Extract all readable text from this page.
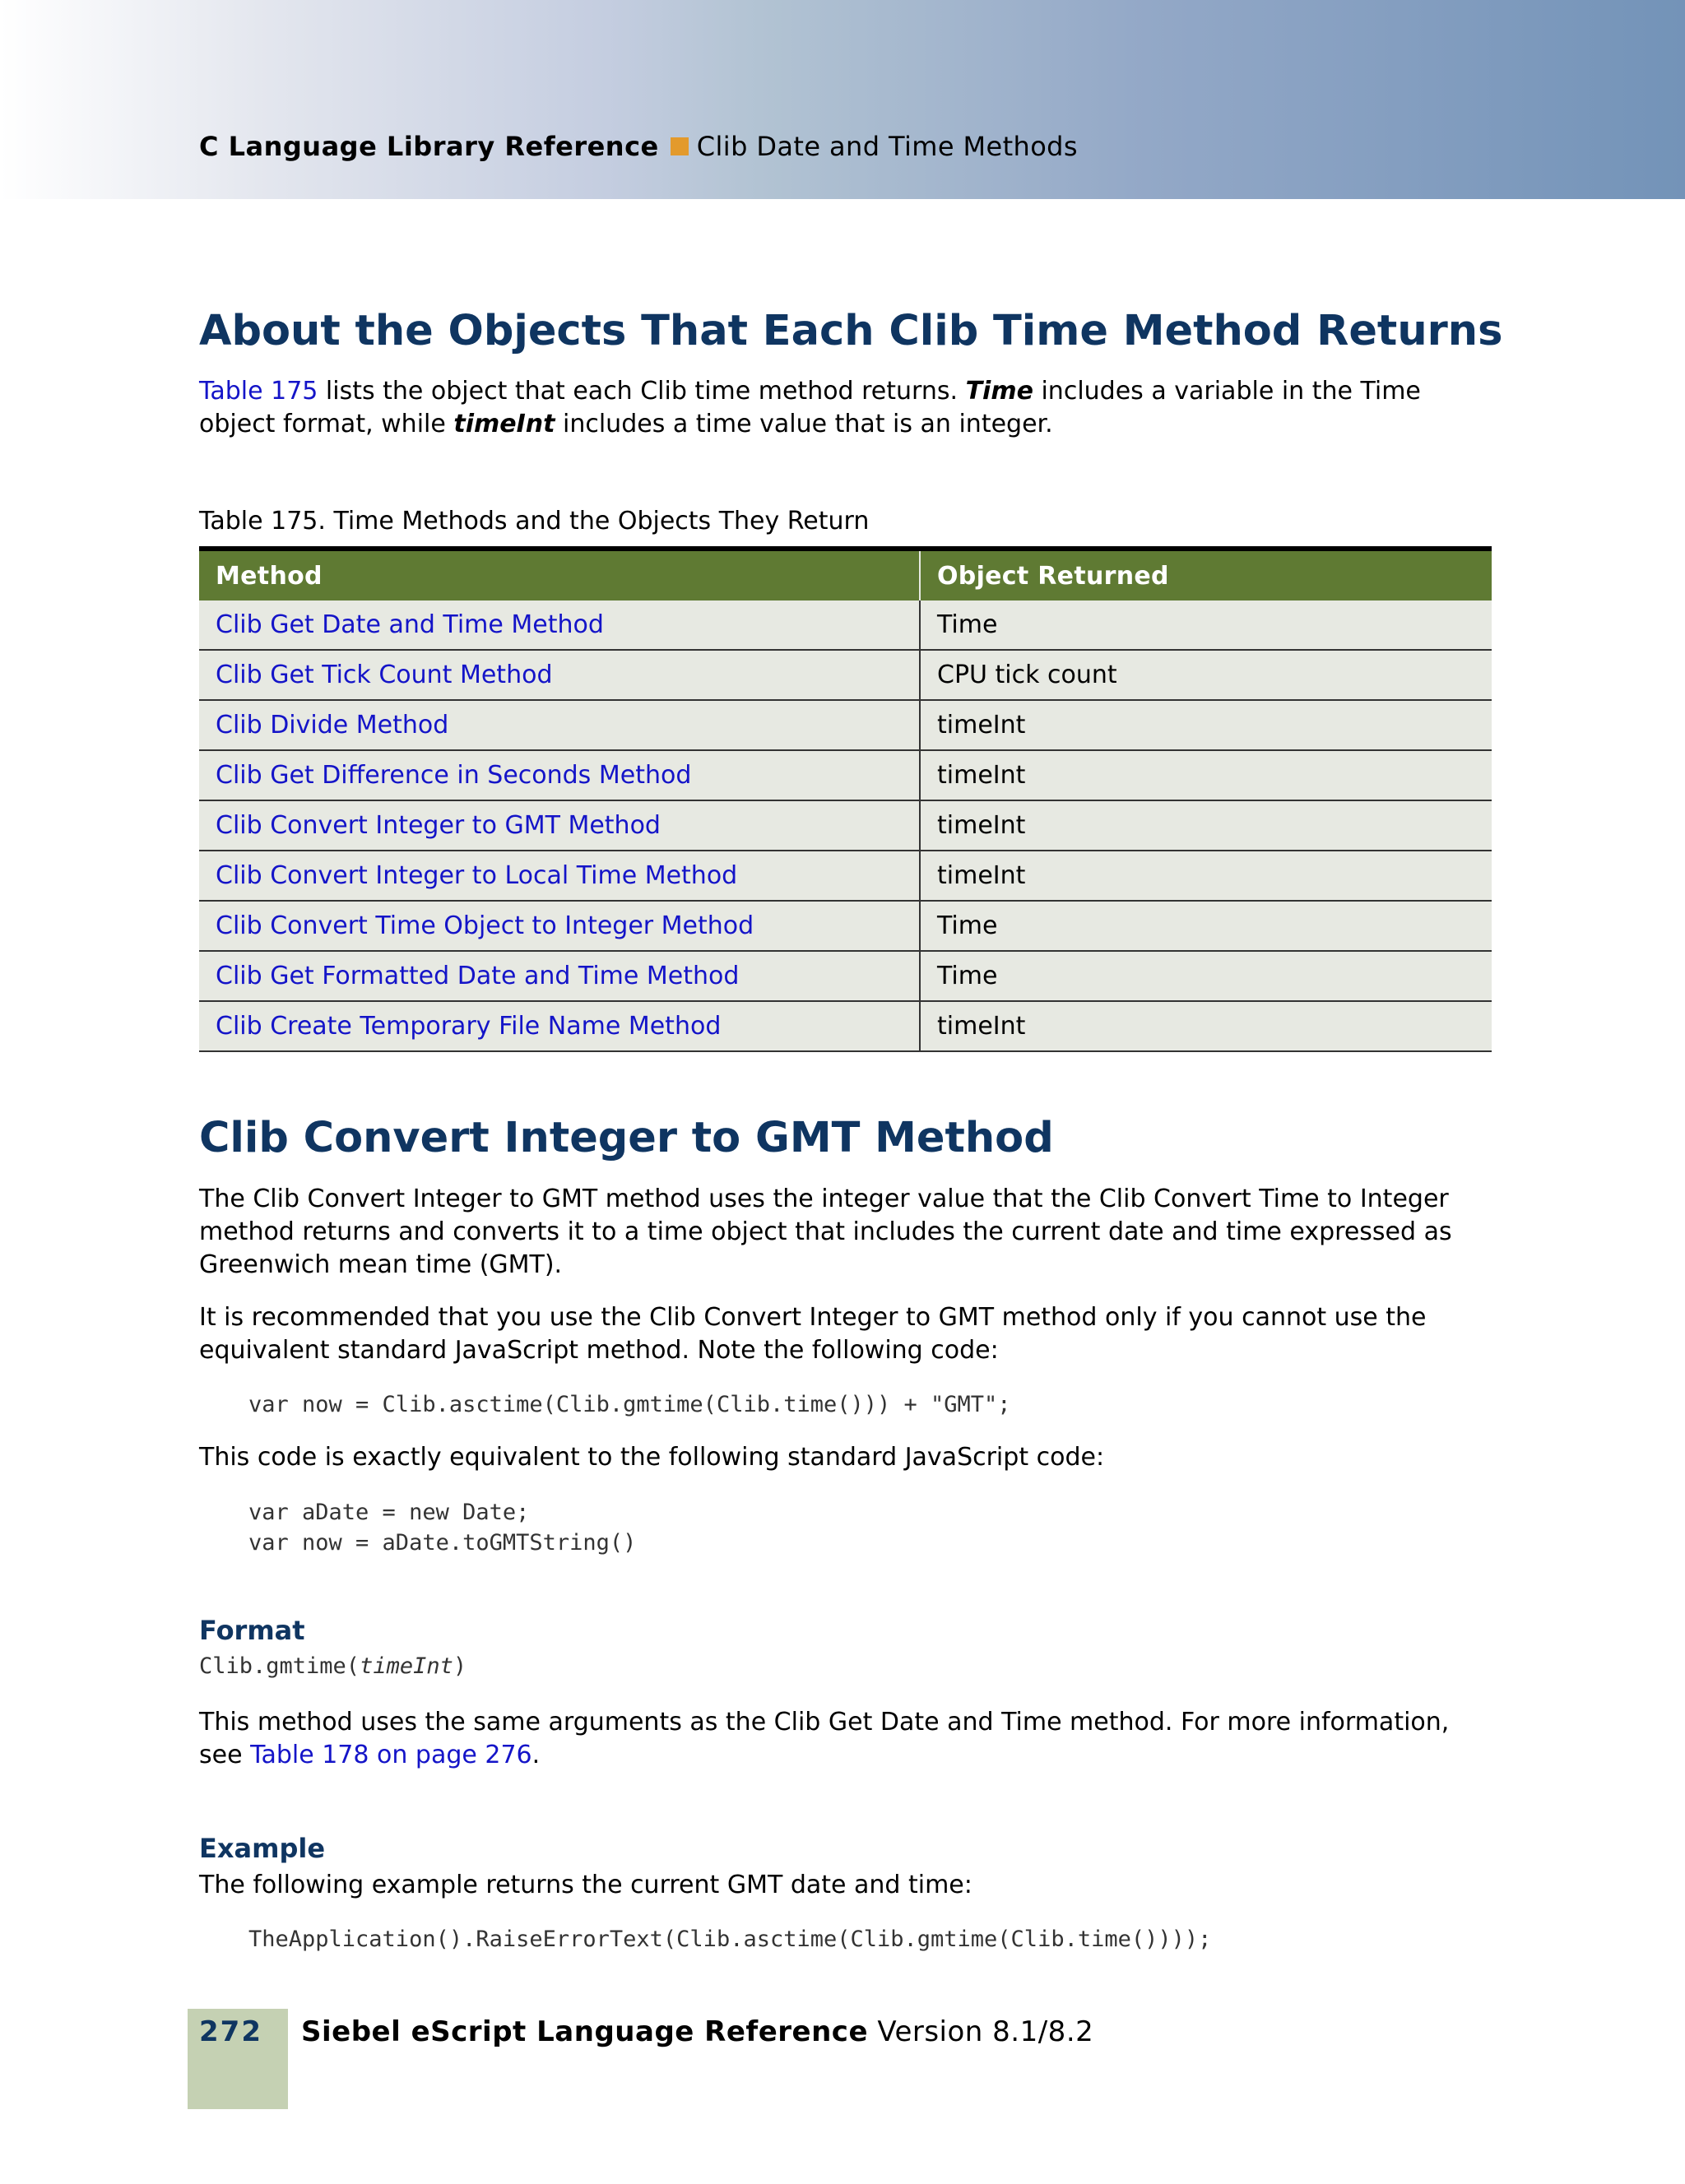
C Language Library Reference Clib Date and Time Methods
About the Objects That Each Clib Time Method Returns
Table 175 lists the object that each Clib time method returns. Time includes a variable in the Time object format, while timeInt includes a time value that is an integer.
Table 175. Time Methods and the Objects They Return
Method	Object Returned
Clib Get Date and Time Method	Time
Clib Get Tick Count Method	CPU tick count
Clib Divide Method	timeInt
Clib Get Difference in Seconds Method	timeInt
Clib Convert Integer to GMT Method	timeInt
Clib Convert Integer to Local Time Method	timeInt
Clib Convert Time Object to Integer Method	Time
Clib Get Formatted Date and Time Method	Time
Clib Create Temporary File Name Method	timeInt
Clib Convert Integer to GMT Method
The Clib Convert Integer to GMT method uses the integer value that the Clib Convert Time to Integer method returns and converts it to a time object that includes the current date and time expressed as Greenwich mean time (GMT).
It is recommended that you use the Clib Convert Integer to GMT method only if you cannot use the equivalent standard JavaScript method. Note the following code:
var now = Clib.asctime(Clib.gmtime(Clib.time())) + "GMT";
This code is exactly equivalent to the following standard JavaScript code:
var aDate = new Date;
var now = aDate.toGMTString()
Format
Clib.gmtime(timeInt)
This method uses the same arguments as the Clib Get Date and Time method. For more information, see Table 178 on page 276.
Example
The following example returns the current GMT date and time:
TheApplication().RaiseErrorText(Clib.asctime(Clib.gmtime(Clib.time())));
272 Siebel eScript Language Reference Version 8.1/8.2
